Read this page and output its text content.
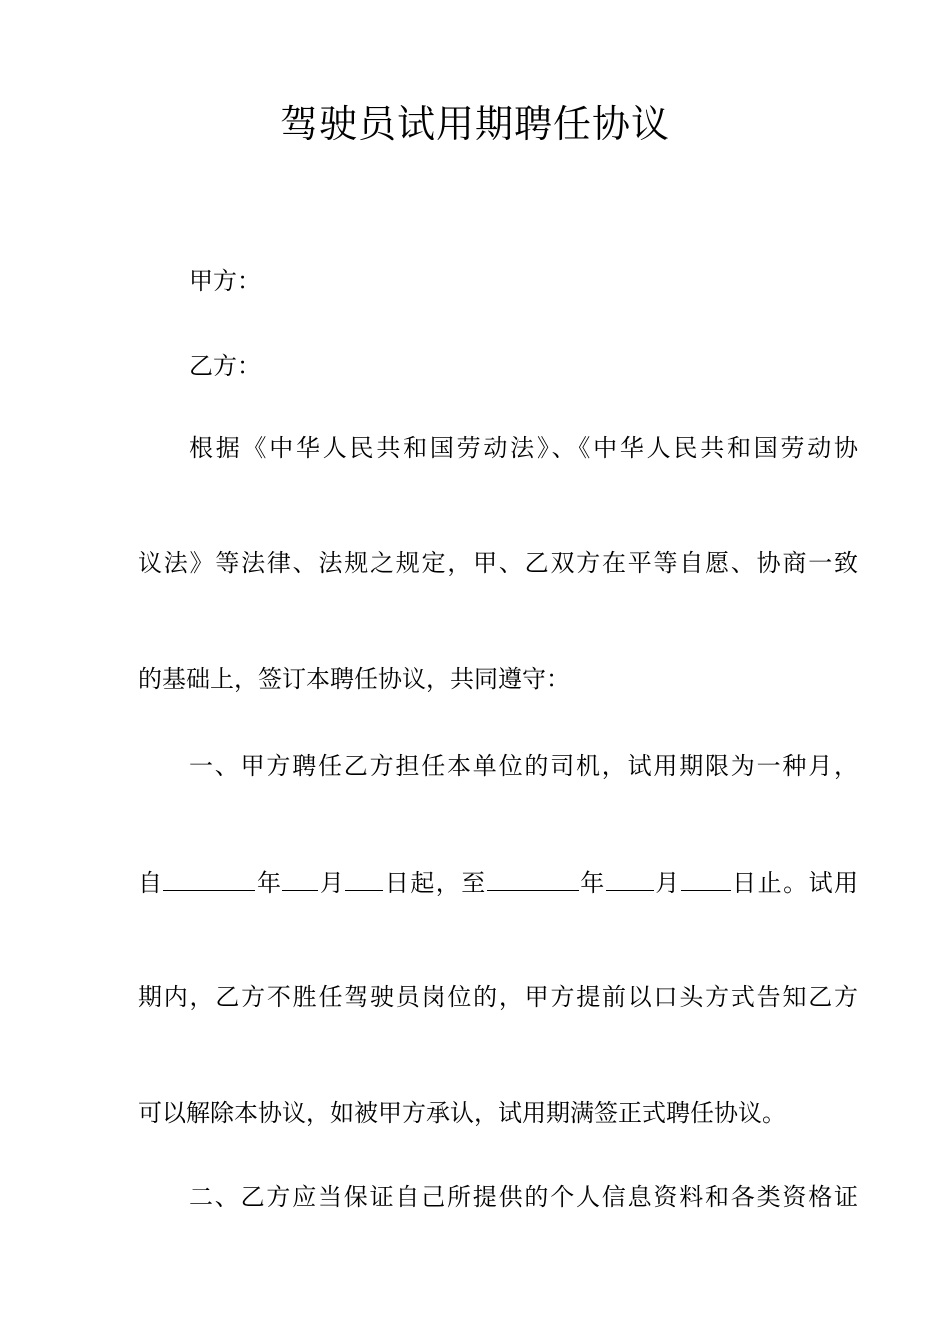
驾驶员试用期聘任协议

甲方：

乙方：

根据《中华人民共和国劳动法》、《中华人民共和国劳动协

议法》等法律、法规之规定，甲、乙双方在平等自愿、协商一致

的基础上，签订本聘任协议，共同遵守：

一、甲方聘任乙方担任本单位的司机，试用期限为一种月，

自	年 月 日起，至	年 月 日止。试用

期内，乙方不胜任驾驶员岗位的，甲方提前以口头方式告知乙方

可以解除本协议，如被甲方承认，试用期满签正式聘任协议。

二、乙方应当保证自己所提供的个人信息资料和各类资格证
